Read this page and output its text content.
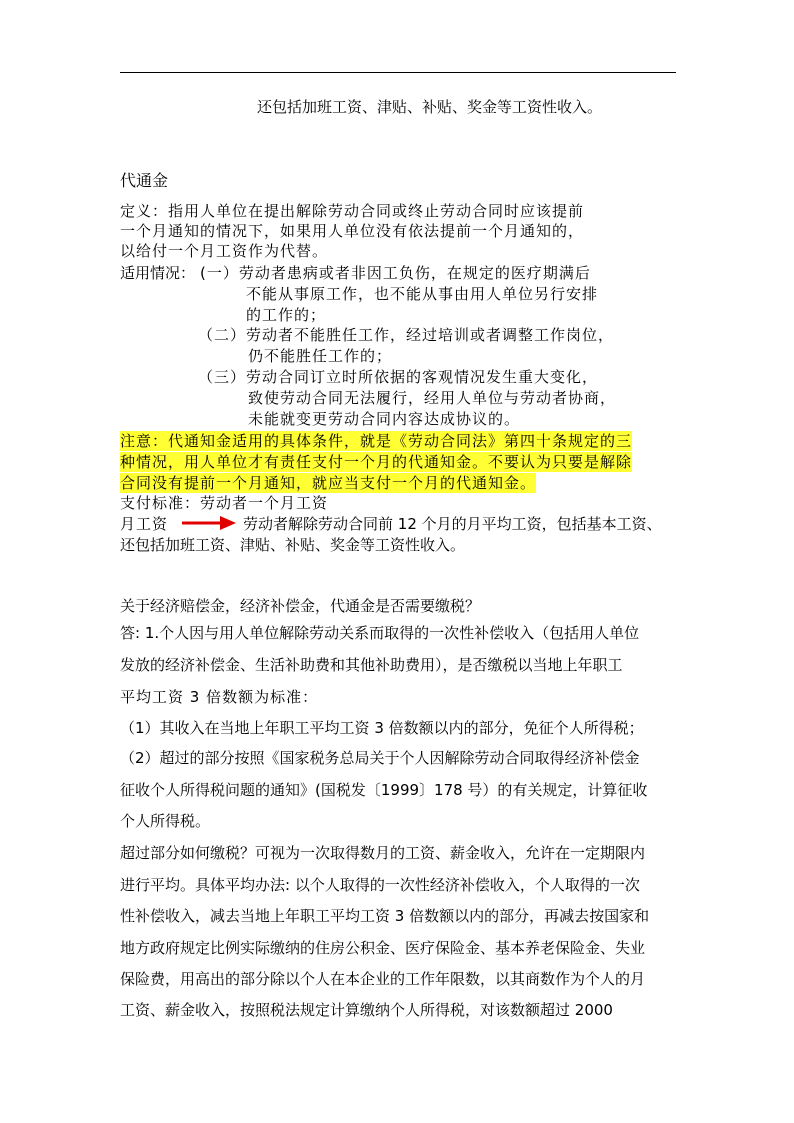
还包括加班工资、津贴、补贴、奖金等工资性收入。
代通金
定义：指用人单位在提出解除劳动合同或终止劳动合同时应该提前
一个月通知的情况下，如果用人单位没有依法提前一个月通知的，
以给付一个月工资作为代替。
适用情况： (一）劳动者患病或者非因工负伤，在规定的医疗期满后
不能从事原工作，也不能从事由用人单位另行安排
的工作的；
（二）劳动者不能胜任工作，经过培训或者调整工作岗位，
仍不能胜任工作的；
（三）劳动合同订立时所依据的客观情况发生重大变化，
致使劳动合同无法履行，经用人单位与劳动者协商，
未能就变更劳动合同内容达成协议的。
注意：代通知金适用的具体条件，就是《劳动合同法》第四十条规定的三
种情况，用人单位才有责任支付一个月的代通知金。不要认为只要是解除
合同没有提前一个月通知，就应当支付一个月的代通知金。
支付标准：劳动者一个月工资
月工资	劳动者解除劳动合同前 12 个月的月平均工资，包括基本工资、
还包括加班工资、津贴、补贴、奖金等工资性收入。
关于经济赔偿金，经济补偿金，代通金是否需要缴税？
答: 1.个人因与用人单位解除劳动关系而取得的一次性补偿收入（包括用人单位
发放的经济补偿金、生活补助费和其他补助费用），是否缴税以当地上年职工
平均工资 3 倍数额为标准：
（1）其收入在当地上年职工平均工资 3 倍数额以内的部分，免征个人所得税；
（2）超过的部分按照《国家税务总局关于个人因解除劳动合同取得经济补偿金
征收个人所得税问题的通知》(国税发〔1999〕178 号）的有关规定，计算征收
个人所得税。
超过部分如何缴税？可视为一次取得数月的工资、薪金收入，允许在一定期限内
进行平均。具体平均办法: 以个人取得的一次性经济补偿收入，个人取得的一次
性补偿收入，减去当地上年职工平均工资 3 倍数额以内的部分，再减去按国家和
地方政府规定比例实际缴纳的住房公积金、医疗保险金、基本养老保险金、失业
保险费，用高出的部分除以个人在本企业的工作年限数，以其商数作为个人的月
工资、薪金收入，按照税法规定计算缴纳个人所得税，对该数额超过 2000
